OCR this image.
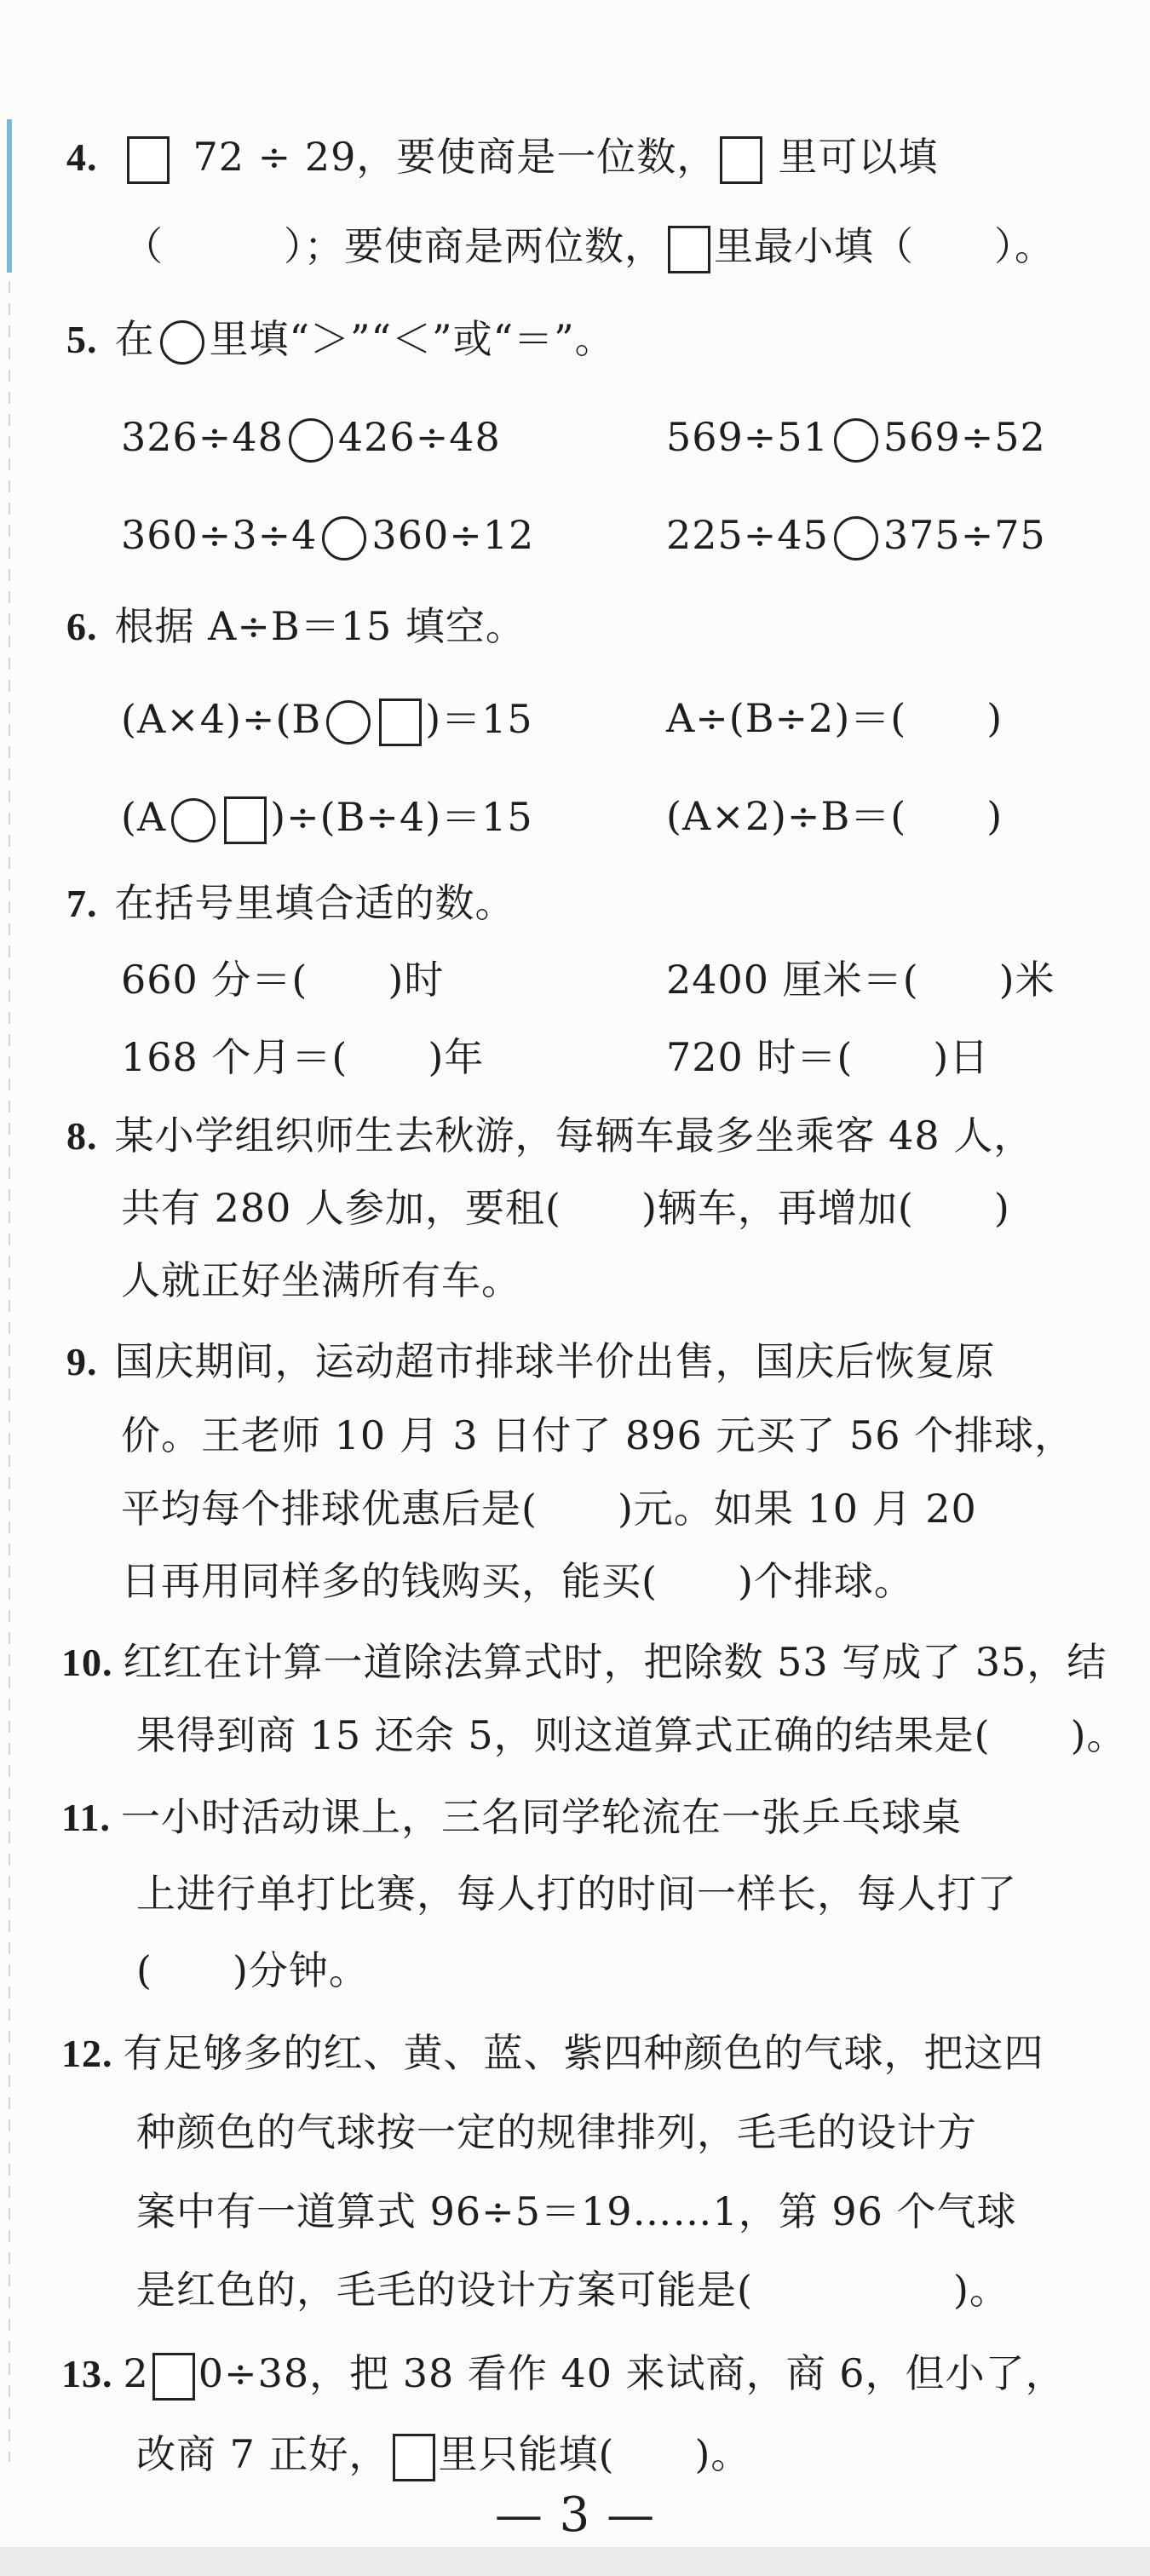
4. 72 ÷ 29，要使商是一位数， 里可以填
（　　　）；要使商是两位数， 里最小填（　　）。
5. 在 里填“＞”“＜”或“＝”。
326÷48 426÷48	569÷51 569÷52
360÷3÷4 360÷12	225÷45 375÷75
6. 根据 A÷B＝15 填空。
(A×4)÷(B	)＝15	A÷(B÷2)＝(　　)
(A	)÷(B÷4)＝15	(A×2)÷B＝(　　)
7. 在括号里填合适的数。
660 分＝(　　)时	2400 厘米＝(　　)米
168 个月＝(　　)年	720 时＝(　　)日
8. 某小学组织师生去秋游，每辆车最多坐乘客 48 人，
共有 280 人参加，要租(　　)辆车，再增加(　　)
人就正好坐满所有车。
9. 国庆期间，运动超市排球半价出售，国庆后恢复原
价。王老师 10 月 3 日付了 896 元买了 56 个排球，
平均每个排球优惠后是(　　)元。如果 10 月 20
日再用同样多的钱购买，能买(　　)个排球。
10. 红红在计算一道除法算式时，把除数 53 写成了 35，结
果得到商 15 还余 5，则这道算式正确的结果是(　　)。
11. 一小时活动课上，三名同学轮流在一张乒乓球桌
上进行单打比赛，每人打的时间一样长，每人打了
(　　)分钟。
12. 有足够多的红、黄、蓝、紫四种颜色的气球，把这四
种颜色的气球按一定的规律排列，毛毛的设计方
案中有一道算式 96÷5＝19……1，第 96 个气球
是红色的，毛毛的设计方案可能是(　　　　　)。
13. 2 0÷38，把 38 看作 40 来试商，商 6，但小了，
改商 7 正好， 里只能填(　　)。
— 3 —
